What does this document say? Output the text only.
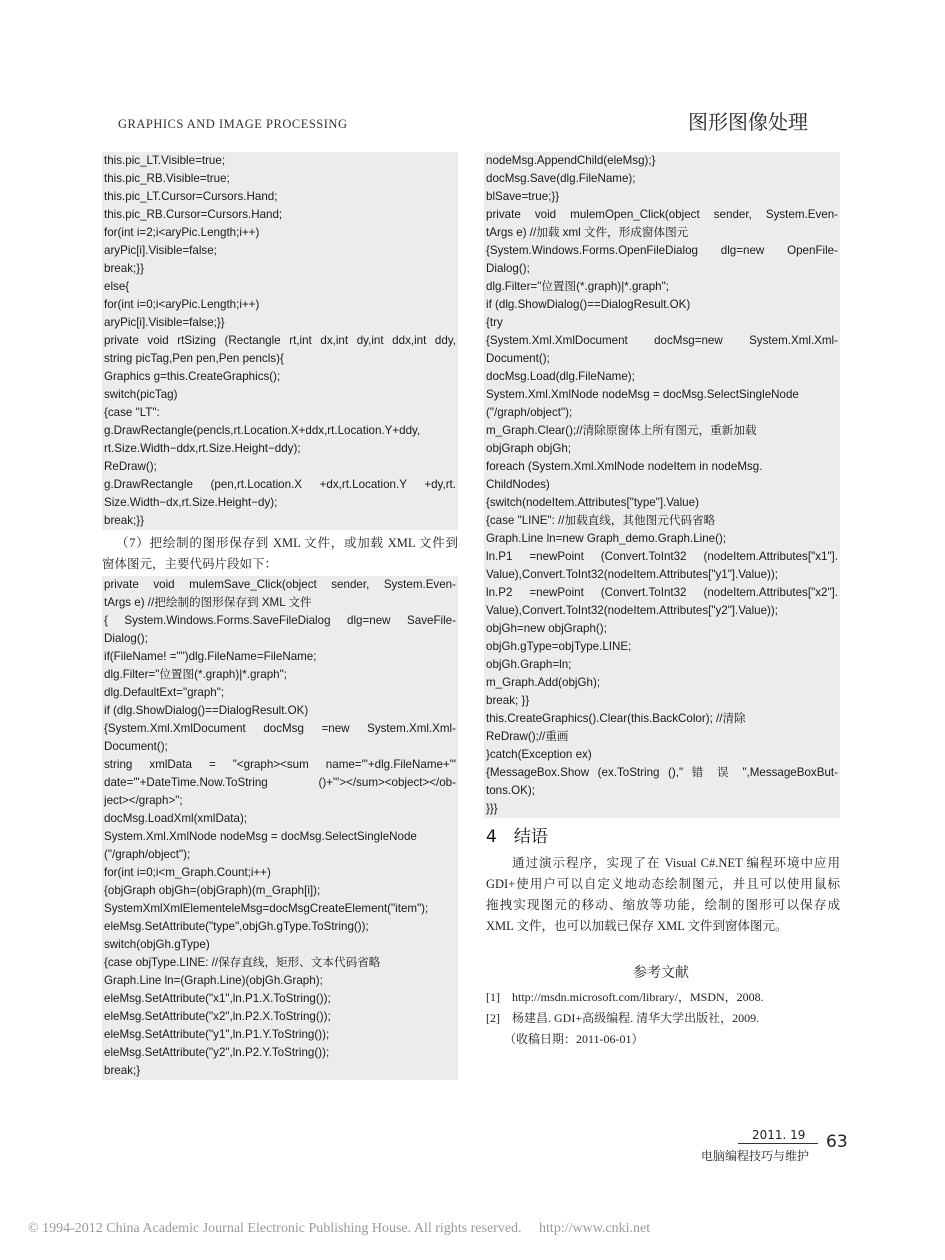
GRAPHICS AND IMAGE PROCESSING	图形图像处理
this.pic_LT.Visible=true;
this.pic_RB.Visible=true;
this.pic_LT.Cursor=Cursors.Hand;
this.pic_RB.Cursor=Cursors.Hand;
for(int i=2;i<aryPic.Length;i++)
aryPic[i].Visible=false;
break;}}
else{
for(int i=0;i<aryPic.Length;i++)
aryPic[i].Visible=false;}}
private void rtSizing (Rectangle rt,int dx,int dy,int ddx,int ddy,
string picTag,Pen pen,Pen pencls){
Graphics g=this.CreateGraphics();
switch(picTag)
{case "LT":
g.DrawRectangle(pencls,rt.Location.X+ddx,rt.Location.Y+ddy,
rt.Size.Width−ddx,rt.Size.Height−ddy);
ReDraw();
g.DrawRectangle (pen,rt.Location.X +dx,rt.Location.Y +dy,rt.
Size.Width−dx,rt.Size.Height−dy);
break;}}
（7）把绘制的图形保存到 XML 文件，或加载 XML 文件到
窗体图元，主要代码片段如下：
private void mulemSave_Click(object sender, System.Even-
tArgs e) //把绘制的图形保存到 XML 文件
{ System.Windows.Forms.SaveFileDialog dlg=new SaveFile-
Dialog();
if(FileName! ="")dlg.FileName=FileName;
dlg.Filter="位置图(*.graph)|*.graph";
dlg.DefaultExt="graph";
if (dlg.ShowDialog()==DialogResult.OK)
{System.Xml.XmlDocument docMsg =new System.Xml.Xml-
Document();
string xmlData = "<graph><sum name=′"+dlg.FileName+"′
date=′"+DateTime.Now.ToString ()+"′></sum><object></ob-
ject></graph>";
docMsg.LoadXml(xmlData);
System.Xml.XmlNode nodeMsg = docMsg.SelectSingleNode
("/graph/object");
for(int i=0;i<m_Graph.Count;i++)
{objGraph objGh=(objGraph)(m_Graph[i]);
SystemXmlXmlElementeleMsg=docMsgCreateElement("item");
eleMsg.SetAttribute("type",objGh.gType.ToString());
switch(objGh.gType)
{case objType.LINE: //保存直线，矩形、文本代码省略
Graph.Line ln=(Graph.Line)(objGh.Graph);
eleMsg.SetAttribute("x1",ln.P1.X.ToString());
eleMsg.SetAttribute("x2",ln.P2.X.ToString());
eleMsg.SetAttribute("y1",ln.P1.Y.ToString());
eleMsg.SetAttribute("y2",ln.P2.Y.ToString());
break;}
nodeMsg.AppendChild(eleMsg);}
docMsg.Save(dlg.FileName);
blSave=true;}}
private void mulemOpen_Click(object sender, System.Even-
tArgs e) //加载 xml 文件，形成窗体图元
{System.Windows.Forms.OpenFileDialog dlg=new OpenFile-
Dialog();
dlg.Filter="位置图(*.graph)|*.graph";
if (dlg.ShowDialog()==DialogResult.OK)
{try
{System.Xml.XmlDocument docMsg=new System.Xml.Xml-
Document();
docMsg.Load(dlg.FileName);
System.Xml.XmlNode nodeMsg = docMsg.SelectSingleNode
("/graph/object");
m_Graph.Clear();//清除原窗体上所有图元，重新加载
objGraph objGh;
foreach (System.Xml.XmlNode nodeItem in nodeMsg.
ChildNodes)
{switch(nodeItem.Attributes["type"].Value)
{case "LINE": //加载直线，其他图元代码省略
Graph.Line ln=new Graph_demo.Graph.Line();
ln.P1 =newPoint (Convert.ToInt32 (nodeItem.Attributes["x1"].
Value),Convert.ToInt32(nodeItem.Attributes["y1"].Value));
ln.P2 =newPoint (Convert.ToInt32 (nodeItem.Attributes["x2"].
Value),Convert.ToInt32(nodeItem.Attributes["y2"].Value));
objGh=new objGraph();
objGh.gType=objType.LINE;
objGh.Graph=ln;
m_Graph.Add(objGh);
break; }}
this.CreateGraphics().Clear(this.BackColor); //清除
ReDraw();//重画
}catch(Exception ex)
{MessageBox.Show (ex.ToString ()," 错 误 ",MessageBoxBut-
tons.OK);
}}}
4　结语
通过演示程序，实现了在 Visual C#.NET 编程环境中应用
GDI+使用户可以自定义地动态绘制图元，并且可以使用鼠标
拖拽实现图元的移动、缩放等功能，绘制的图形可以保存成
XML 文件，也可以加载已保存 XML 文件到窗体图元。
参考文献
[1]　http://msdn.microsoft.com/library/，MSDN，2008.
[2]　杨建昌. GDI+高级编程. 清华大学出版社，2009.
　　（收稿日期：2011-06-01）
2011. 19
电脑编程技巧与维护
63
© 1994-2012 China Academic Journal Electronic Publishing House. All rights reserved.　 http://www.cnki.net
